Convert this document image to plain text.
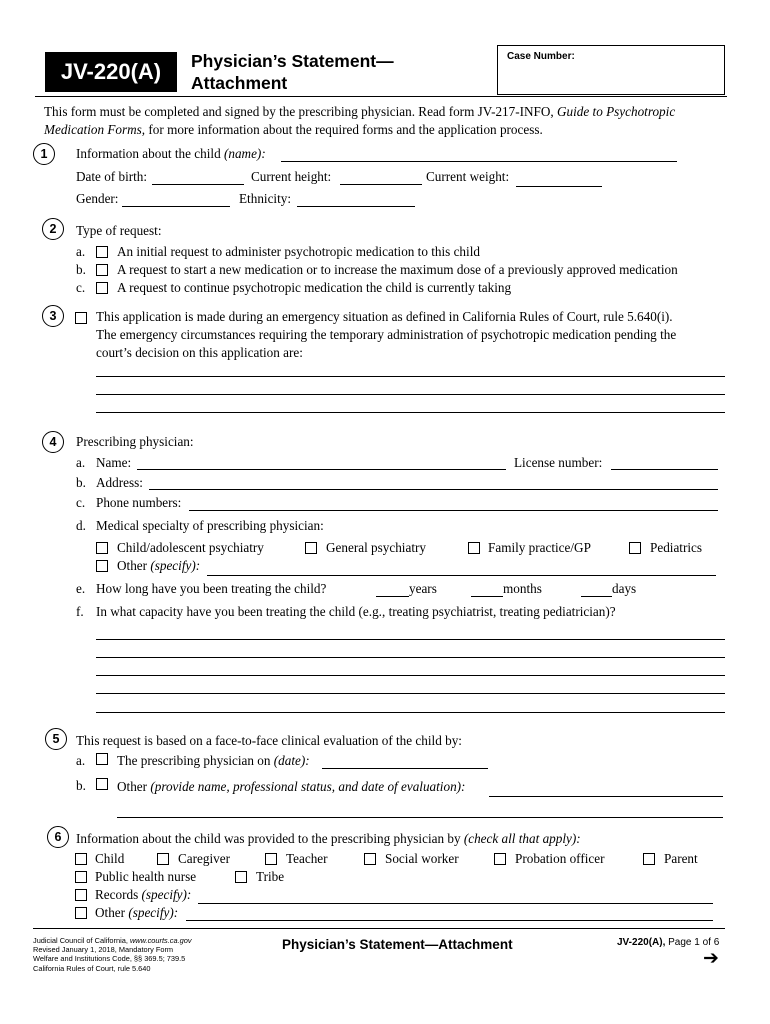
JV-220(A)	Physician’s Statement—
Attachment
Case Number:
This form must be completed and signed by the prescribing physician. Read form JV-217-INFO, Guide to Psychotropic
Medication Forms, for more information about the required forms and the application process.
1	Information about the child (name):
Date of birth:	Current height:	Current weight:
Gender:	Ethnicity:
2	Type of request:
a. An initial request to administer psychotropic medication to this child
b. A request to start a new medication or to increase the maximum dose of a previously approved medication
c. A request to continue psychotropic medication the child is currently taking
3	This application is made during an emergency situation as defined in California Rules of Court, rule 5.640(i).
The emergency circumstances requiring the temporary administration of psychotropic medication pending the
court’s decision on this application are:
4	Prescribing physician:
a. Name:	License number:
b. Address:
c. Phone numbers:
d. Medical specialty of prescribing physician:
Child/adolescent psychiatry	General psychiatry	Family practice/GP	Pediatrics
Other (specify):
e. How long have you been treating the child?	years	months	days
f. In what capacity have you been treating the child (e.g., treating psychiatrist, treating pediatrician)?
5	This request is based on a face-to-face clinical evaluation of the child by:
a. The prescribing physician on (date):
b. Other (provide name, professional status, and date of evaluation):
6	Information about the child was provided to the prescribing physician by (check all that apply):
Child	Caregiver	Teacher	Social worker	Probation officer	Parent
Public health nurse	Tribe
Records (specify):
Other (specify):
Judicial Council of California, www.courts.ca.gov
Revised January 1, 2018, Mandatory Form
Welfare and Institutions Code, §§ 369.5; 739.5
California Rules of Court, rule 5.640
Physician’s Statement—Attachment	JV-220(A), Page 1 of 6
➔
